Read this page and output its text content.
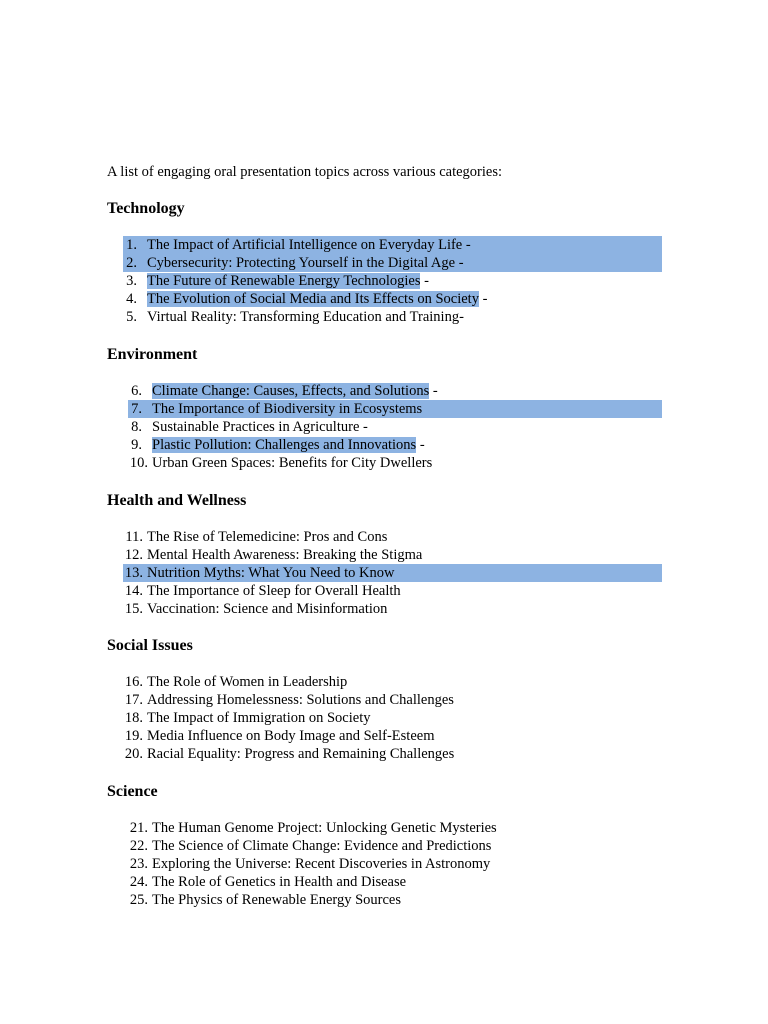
A list of engaging oral presentation topics across various categories:
Technology
1. The Impact of Artificial Intelligence on Everyday Life -
2. Cybersecurity: Protecting Yourself in the Digital Age -
3. The Future of Renewable Energy Technologies -
4. The Evolution of Social Media and Its Effects on Society -
5. Virtual Reality: Transforming Education and Training-
Environment
6. Climate Change: Causes, Effects, and Solutions -
7. The Importance of Biodiversity in Ecosystems
8. Sustainable Practices in Agriculture -
9. Plastic Pollution: Challenges and Innovations -
10. Urban Green Spaces: Benefits for City Dwellers
Health and Wellness
11. The Rise of Telemedicine: Pros and Cons
12. Mental Health Awareness: Breaking the Stigma
13. Nutrition Myths: What You Need to Know
14. The Importance of Sleep for Overall Health
15. Vaccination: Science and Misinformation
Social Issues
16. The Role of Women in Leadership
17. Addressing Homelessness: Solutions and Challenges
18. The Impact of Immigration on Society
19. Media Influence on Body Image and Self-Esteem
20. Racial Equality: Progress and Remaining Challenges
Science
21. The Human Genome Project: Unlocking Genetic Mysteries
22. The Science of Climate Change: Evidence and Predictions
23. Exploring the Universe: Recent Discoveries in Astronomy
24. The Role of Genetics in Health and Disease
25. The Physics of Renewable Energy Sources
